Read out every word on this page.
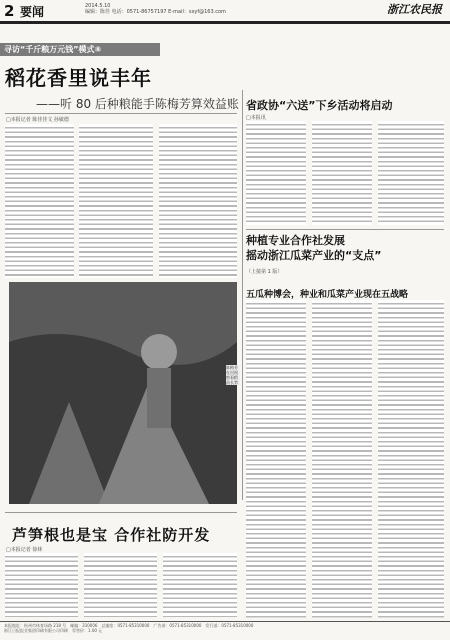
2 要闻	2014.5.10
编辑：陈佳 电话：0571-86757197 E-mail：sxyf@163.com	浙江农民报
寻访“千斤粮万元钱”模式⑧
稻花香里说丰年
——听 80 后种粮能手陈梅芳算效益账
□本报记者 陈佳佳文 孙敏德
陈梅芳在田间察看稻苗长势
省政协“六送”下乡活动将启动
□本报讯
种植专业合作社发展
摇动浙江瓜菜产业的“支点”
（上接第 1 版）
五瓜种博会，种业和瓜菜产业现在五战略
芦笋根也是宝 合作社防开发
□本报记者 徐林
本报地址：杭州市体育场路 218 号　邮编：310006　总编室：0571-85310000　广告部：0571-85310000　发行部：0571-85310000
浙江日报报业集团印刷有限公司印刷　零售价：1.00 元
